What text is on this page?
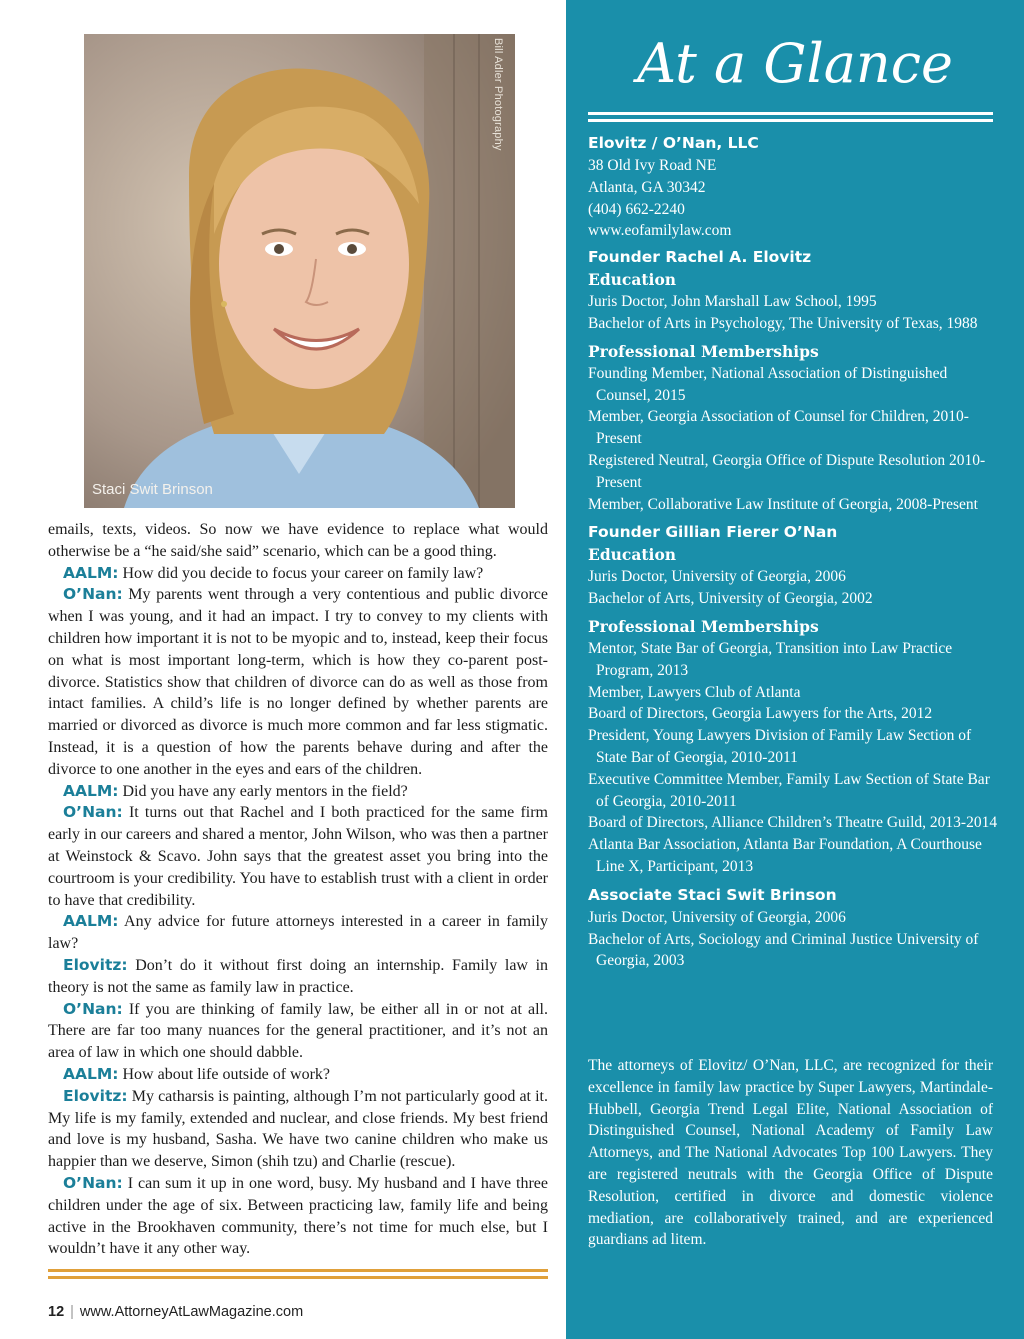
Bill Adler Photography
Staci Swit Brinson

emails, texts, videos. So now we have evidence to replace what would otherwise be a “he said/she said” scenario, which can be a good thing.

AALM: How did you decide to focus your career on family law?

O’Nan: My parents went through a very contentious and public divorce when I was young, and it had an impact. I try to convey to my clients with children how important it is not to be myopic and to, instead, keep their focus on what is most important long-term, which is how they co-parent post-divorce. Statistics show that children of divorce can do as well as those from intact families. A child’s life is no longer defined by whether parents are married or divorced as divorce is much more common and far less stigmatic. Instead, it is a question of how the parents behave during and after the divorce to one another in the eyes and ears of the children.

AALM: Did you have any early mentors in the field?

O’Nan: It turns out that Rachel and I both practiced for the same firm early in our careers and shared a mentor, John Wilson, who was then a partner at Weinstock & Scavo. John says that the greatest asset you bring into the courtroom is your credibility. You have to establish trust with a client in order to have that credibility.

AALM: Any advice for future attorneys interested in a career in family law?

Elovitz: Don’t do it without first doing an internship. Family law in theory is not the same as family law in practice.

O’Nan: If you are thinking of family law, be either all in or not at all. There are far too many nuances for the general practitioner, and it’s not an area of law in which one should dabble.

AALM: How about life outside of work?

Elovitz: My catharsis is painting, although I’m not particularly good at it. My life is my family, extended and nuclear, and close friends. My best friend and love is my husband, Sasha. We have two canine children who make us happier than we deserve, Simon (shih tzu) and Charlie (rescue).

O’Nan: I can sum it up in one word, busy. My husband and I have three children under the age of six. Between practicing law, family life and being active in the Brookhaven community, there’s not time for much else, but I wouldn’t have it any other way.

12 | www.AttorneyAtLawMagazine.com
At a Glance

Elovitz / O’Nan, LLC

38 Old Ivy Road NE

Atlanta, GA 30342

(404) 662-2240

www.eofamilylaw.com

Founder Rachel A. Elovitz

Education

Juris Doctor, John Marshall Law School, 1995

Bachelor of Arts in Psychology, The University of Texas, 1988

Professional Memberships

Founding Member, National Association of Distinguished Counsel, 2015

Member, Georgia Association of Counsel for Children, 2010-Present

Registered Neutral, Georgia Office of Dispute Resolution 2010-Present

Member, Collaborative Law Institute of Georgia, 2008-Present

Founder Gillian Fierer O’Nan

Education

Juris Doctor, University of Georgia, 2006

Bachelor of Arts, University of Georgia, 2002

Professional Memberships

Mentor, State Bar of Georgia, Transition into Law Practice Program, 2013

Member, Lawyers Club of Atlanta

Board of Directors, Georgia Lawyers for the Arts, 2012

President, Young Lawyers Division of Family Law Section of State Bar of Georgia, 2010-2011

Executive Committee Member, Family Law Section of State Bar of Georgia, 2010-2011

Board of Directors, Alliance Children’s Theatre Guild, 2013-2014

Atlanta Bar Association, Atlanta Bar Foundation, A Courthouse Line X, Participant, 2013

Associate Staci Swit Brinson

Juris Doctor, University of Georgia, 2006

Bachelor of Arts, Sociology and Criminal Justice University of Georgia, 2003

The attorneys of Elovitz/ O’Nan, LLC, are recognized for their excellence in family law practice by Super Lawyers, Martindale-Hubbell, Georgia Trend Legal Elite, National Association of Distinguished Counsel, National Academy of Family Law Attorneys, and The National Advocates Top 100 Lawyers. They are registered neutrals with the Georgia Office of Dispute Resolution, certified in divorce and domestic violence mediation, are collaboratively trained, and are experienced guardians ad litem.
